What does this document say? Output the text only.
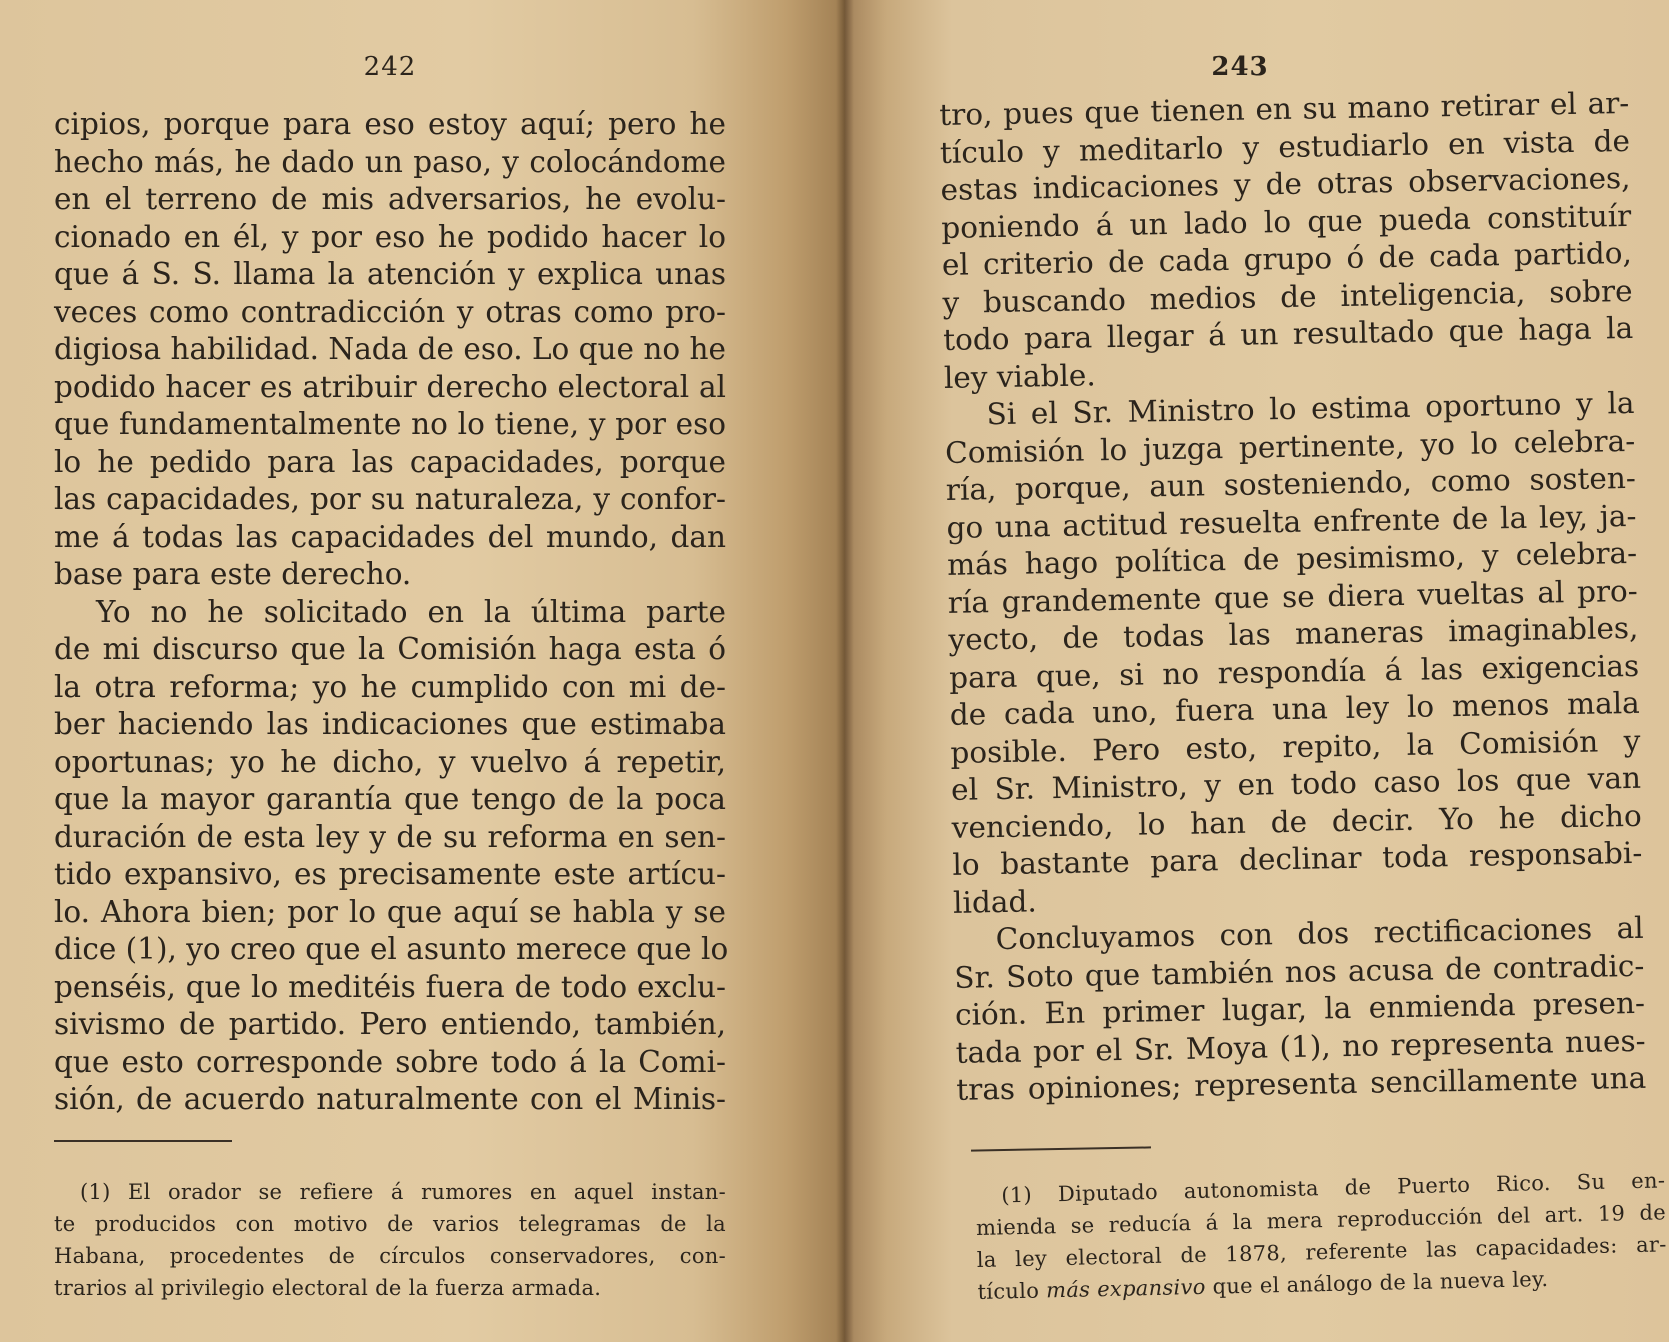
242
cipios, porque para eso estoy aquí; pero he
hecho más, he dado un paso, y colocándome
en el terreno de mis adversarios, he evolu-
cionado en él, y por eso he podido hacer lo
que á S. S. llama la atención y explica unas
veces como contradicción y otras como pro-
digiosa habilidad. Nada de eso. Lo que no he
podido hacer es atribuir derecho electoral al
que fundamentalmente no lo tiene, y por eso
lo he pedido para las capacidades, porque
las capacidades, por su naturaleza, y confor-
me á todas las capacidades del mundo, dan
base para este derecho.
Yo no he solicitado en la última parte
de mi discurso que la Comisión haga esta ó
la otra reforma; yo he cumplido con mi de-
ber haciendo las indicaciones que estimaba
oportunas; yo he dicho, y vuelvo á repetir,
que la mayor garantía que tengo de la poca
duración de esta ley y de su reforma en sen-
tido expansivo, es precisamente este artícu-
lo. Ahora bien; por lo que aquí se habla y se
dice (1), yo creo que el asunto merece que lo
penséis, que lo meditéis fuera de todo exclu-
sivismo de partido. Pero entiendo, también,
que esto corresponde sobre todo á la Comi-
sión, de acuerdo naturalmente con el Minis-
(1) El orador se refiere á rumores en aquel instan-
te producidos con motivo de varios telegramas de la
Habana, procedentes de círculos conservadores, con-
trarios al privilegio electoral de la fuerza armada.
243
tro, pues que tienen en su mano retirar el ar-
tículo y meditarlo y estudiarlo en vista de
estas indicaciones y de otras observaciones,
poniendo á un lado lo que pueda constituír
el criterio de cada grupo ó de cada partido,
y buscando medios de inteligencia, sobre
todo para llegar á un resultado que haga la
ley viable.
Si el Sr. Ministro lo estima oportuno y la
Comisión lo juzga pertinente, yo lo celebra-
ría, porque, aun sosteniendo, como sosten-
go una actitud resuelta enfrente de la ley, ja-
más hago política de pesimismo, y celebra-
ría grandemente que se diera vueltas al pro-
yecto, de todas las maneras imaginables,
para que, si no respondía á las exigencias
de cada uno, fuera una ley lo menos mala
posible. Pero esto, repito, la Comisión y
el Sr. Ministro, y en todo caso los que van
venciendo, lo han de decir. Yo he dicho
lo bastante para declinar toda responsabi-
lidad.
Concluyamos con dos rectificaciones al
Sr. Soto que también nos acusa de contradic-
ción. En primer lugar, la enmienda presen-
tada por el Sr. Moya (1), no representa nues-
tras opiniones; representa sencillamente una
(1) Diputado autonomista de Puerto Rico. Su en-
mienda se reducía á la mera reproducción del art. 19 de
la ley electoral de 1878, referente las capacidades: ar-
tículo más expansivo que el análogo de la nueva ley.
